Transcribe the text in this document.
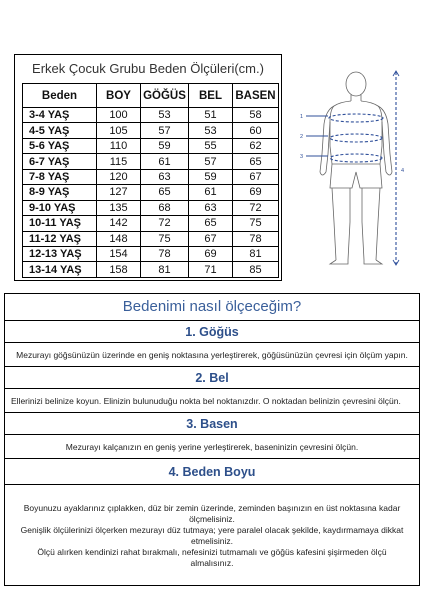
Erkek Çocuk Grubu Beden Ölçüleri(cm.)
Beden	BOY	GÖĞÜS	BEL	BASEN
3-4 YAŞ	100	53	51	58
4-5 YAŞ	105	57	53	60
5-6 YAŞ	110	59	55	62
6-7 YAŞ	115	61	57	65
7-8 YAŞ	120	63	59	67
8-9 YAŞ	127	65	61	69
9-10 YAŞ	135	68	63	72
10-11 YAŞ	142	72	65	75
11-12 YAŞ	148	75	67	78
12-13 YAŞ	154	78	69	81
13-14 YAŞ	158	81	71	85
1
2
3
4
Bedenimi nasıl ölçeceğim?
1. Göğüs
Mezurayı göğsünüzün üzerinde en geniş noktasına yerleştirerek, göğüsünüzün çevresi için ölçüm yapın.
2. Bel
Ellerinizi belinize koyun. Elinizin bulunuduğu nokta bel noktanızdır. O noktadan belinizin çevresini ölçün.
3. Basen
Mezurayı kalçanızın en geniş yerine yerleştirerek, baseninizin çevresini ölçün.
4. Beden Boyu
Boyunuzu ayaklarınız çıplakken, düz bir zemin üzerinde, zeminden başınızın en üst noktasına kadar ölçmelisiniz.
Genişlik ölçülerinizi ölçerken mezurayı düz tutmaya; yere paralel olacak şekilde, kaydırmamaya dikkat etmelisiniz.
Ölçü alırken kendinizi rahat bırakmalı, nefesinizi tutmamalı ve göğüs kafesini şişirmeden ölçü almalısınız.
